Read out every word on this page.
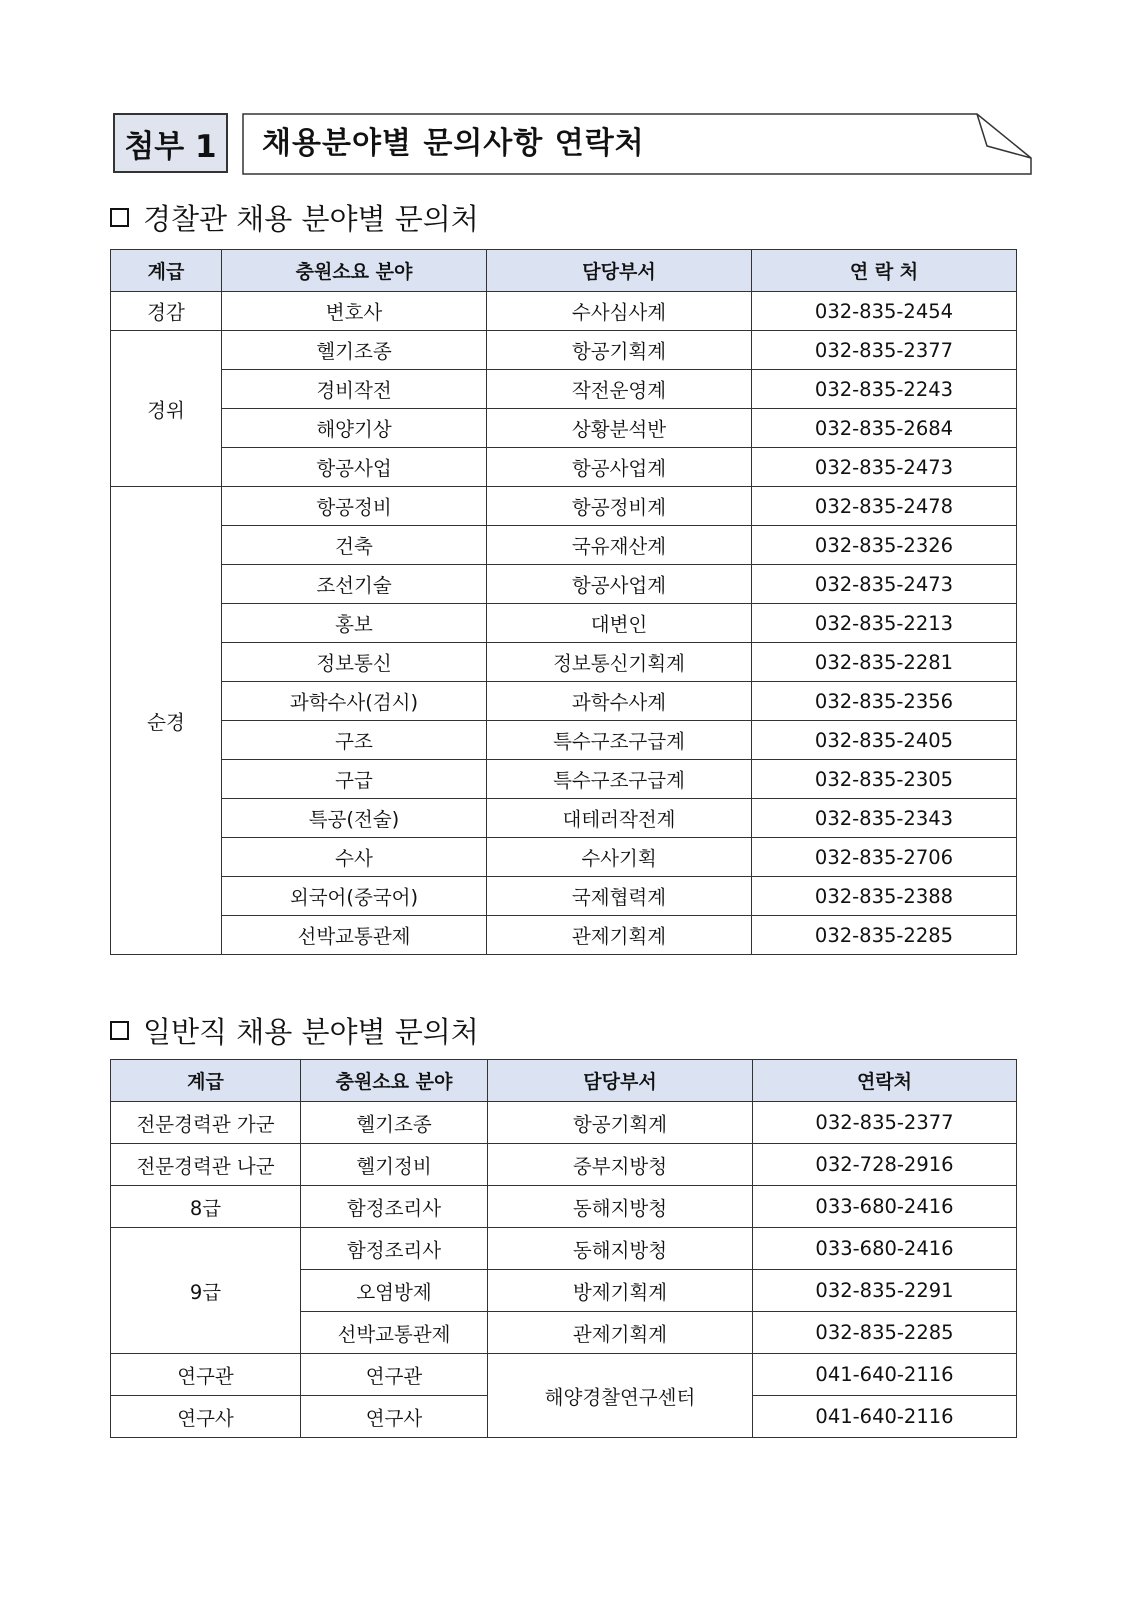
첨부 1	채용분야별 문의사항 연락처
경찰관 채용 분야별 문의처
계급	충원소요 분야	담당부서	연 락 처
경감	변호사	수사심사계	032-835-2454
경위	헬기조종	항공기획계	032-835-2377
	경비작전	작전운영계	032-835-2243
	해양기상	상황분석반	032-835-2684
	항공사업	항공사업계	032-835-2473
순경	항공정비	항공정비계	032-835-2478
	건축	국유재산계	032-835-2326
	조선기술	항공사업계	032-835-2473
	홍보	대변인	032-835-2213
	정보통신	정보통신기획계	032-835-2281
	과학수사(검시)	과학수사계	032-835-2356
	구조	특수구조구급계	032-835-2405
	구급	특수구조구급계	032-835-2305
	특공(전술)	대테러작전계	032-835-2343
	수사	수사기획	032-835-2706
	외국어(중국어)	국제협력계	032-835-2388
	선박교통관제	관제기획계	032-835-2285
일반직 채용 분야별 문의처
계급	충원소요 분야	담당부서	연락처
전문경력관 가군	헬기조종	항공기획계	032-835-2377
전문경력관 나군	헬기정비	중부지방청	032-728-2916
8급	함정조리사	동해지방청	033-680-2416
9급	함정조리사	동해지방청	033-680-2416
	오염방제	방제기획계	032-835-2291
	선박교통관제	관제기획계	032-835-2285
연구관	연구관	해양경찰연구센터	041-640-2116
연구사	연구사		041-640-2116
